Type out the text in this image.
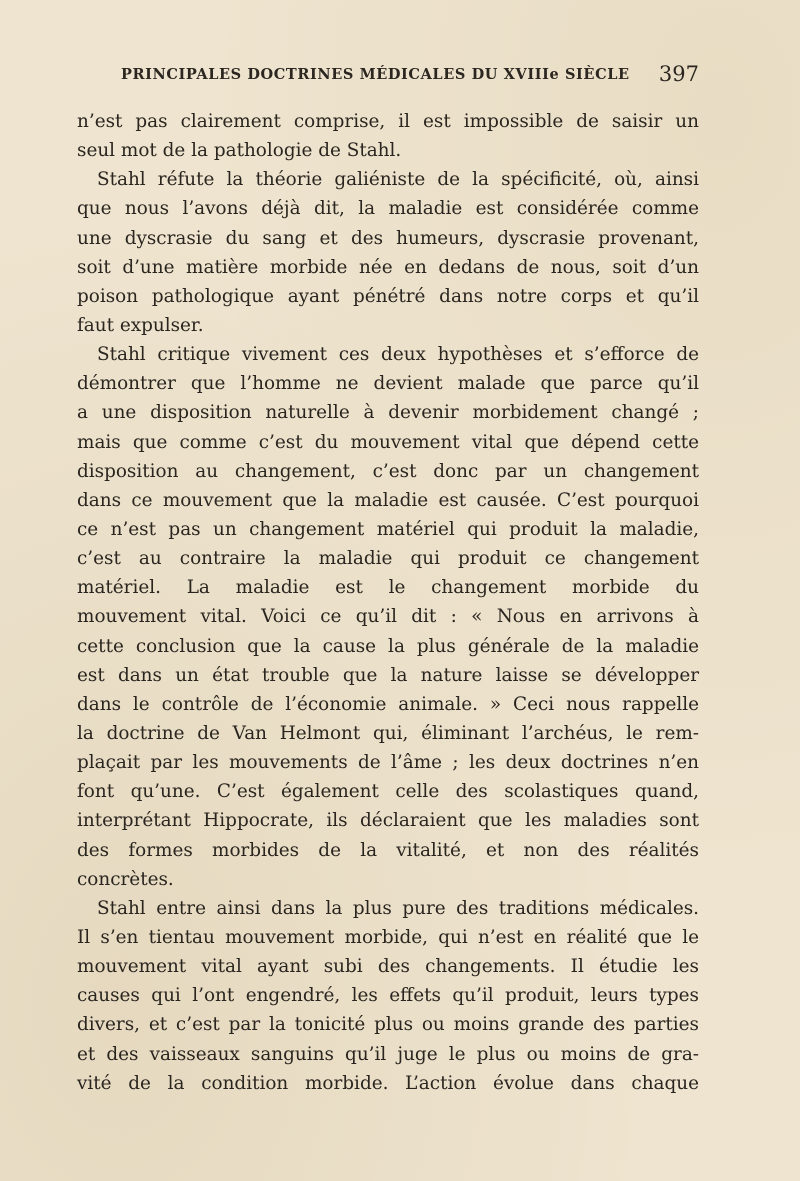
PRINCIPALES DOCTRINES MÉDICALES DU XVIIIe SIÈCLE 397
n’est pas clairement comprise, il est impossible de saisir un
seul mot de la pathologie de Stahl.
Stahl réfute la théorie galiéniste de la spécificité, où, ainsi
que nous l’avons déjà dit, la maladie est considérée comme
une dyscrasie du sang et des humeurs, dyscrasie provenant,
soit d’une matière morbide née en dedans de nous, soit d’un
poison pathologique ayant pénétré dans notre corps et qu’il
faut expulser.
Stahl critique vivement ces deux hypothèses et s’efforce de
démontrer que l’homme ne devient malade que parce qu’il
a une disposition naturelle à devenir morbidement changé ;
mais que comme c’est du mouvement vital que dépend cette
disposition au changement, c’est donc par un changement
dans ce mouvement que la maladie est causée. C’est pourquoi
ce n’est pas un changement matériel qui produit la maladie,
c’est au contraire la maladie qui produit ce changement
matériel. La maladie est le changement morbide du
mouvement vital. Voici ce qu’il dit : « Nous en arrivons à
cette conclusion que la cause la plus générale de la maladie
est dans un état trouble que la nature laisse se développer
dans le contrôle de l’économie animale. » Ceci nous rappelle
la doctrine de Van Helmont qui, éliminant l’archéus, le rem-
plaçait par les mouvements de l’âme ; les deux doctrines n’en
font qu’une. C’est également celle des scolastiques quand,
interprétant Hippocrate, ils déclaraient que les maladies sont
des formes morbides de la vitalité, et non des réalités
concrètes.
Stahl entre ainsi dans la plus pure des traditions médicales.
Il s’en tientau mouvement morbide, qui n’est en réalité que le
mouvement vital ayant subi des changements. Il étudie les
causes qui l’ont engendré, les effets qu’il produit, leurs types
divers, et c’est par la tonicité plus ou moins grande des parties
et des vaisseaux sanguins qu’il juge le plus ou moins de gra-
vité de la condition morbide. L’action évolue dans chaque
